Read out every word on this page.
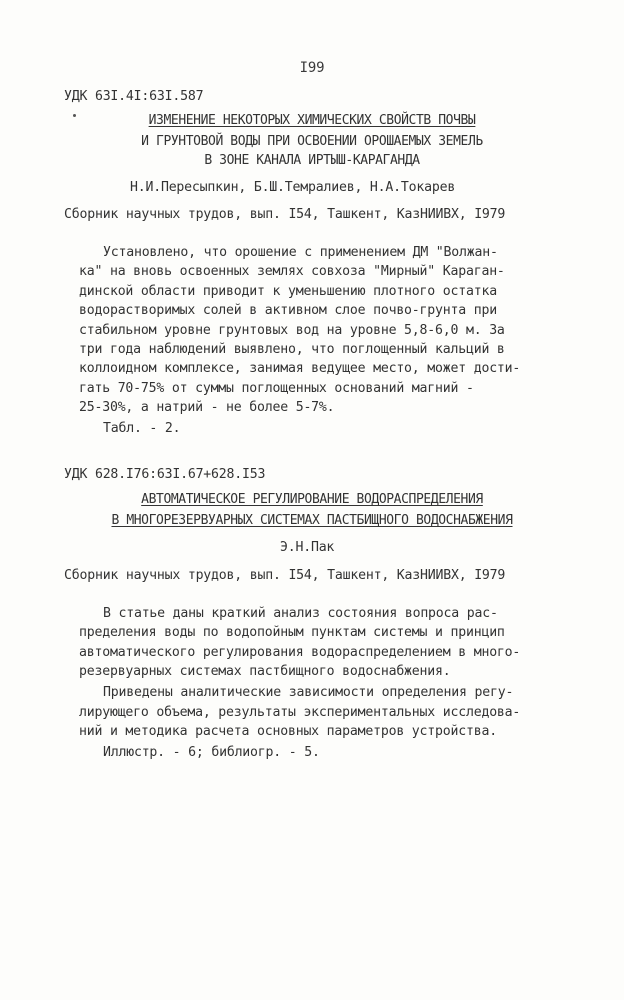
I99
УДК 63I.4I:63I.587
ИЗМЕНЕНИЕ НЕКОТОРЫХ ХИМИЧЕСКИХ СВОЙСТВ ПОЧВЫ
И ГРУНТОВОЙ ВОДЫ ПРИ ОСВОЕНИИ ОРОШАЕМЫХ ЗЕМЕЛЬ
В ЗОНЕ КАНАЛА ИРТЫШ-КАРАГАНДА
Н.И.Пересыпкин, Б.Ш.Темралиев, Н.А.Токарев
Сборник научных трудов, вып. I54, Ташкент, КазНИИВХ, I979
Установлено, что орошение с применением ДМ "Волжан-
ка" на вновь освоенных землях совхоза "Мирный" Караган-
динской области приводит к уменьшению плотного остатка
водорастворимых солей в активном слое почво-грунта при
стабильном уровне грунтовых вод на уровне 5,8-6,0 м. За
три года наблюдений выявлено, что поглощенный кальций в
коллоидном комплексе, занимая ведущее место, может дости-
гать 70-75% от суммы поглощенных оснований магний -
25-30%, а натрий - не более 5-7%.
Табл. - 2.
УДК 628.I76:63I.67+628.I53
АВТОМАТИЧЕСКОЕ РЕГУЛИРОВАНИЕ ВОДОРАСПРЕДЕЛЕНИЯ
В МНОГОРЕЗЕРВУАРНЫХ СИСТЕМАХ ПАСТБИЩНОГО ВОДОСНАБЖЕНИЯ
Э.Н.Пак
Сборник научных трудов, вып. I54, Ташкент, КазНИИВХ, I979
В статье даны краткий анализ состояния вопроса рас-
пределения воды по водопойным пунктам системы и принцип
автоматического регулирования водораспределением в много-
резервуарных системах пастбищного водоснабжения.
Приведены аналитические зависимости определения регу-
лирующего объема, результаты экспериментальных исследова-
ний и методика расчета основных параметров устройства.
Иллюстр. - 6; библиогр. - 5.
